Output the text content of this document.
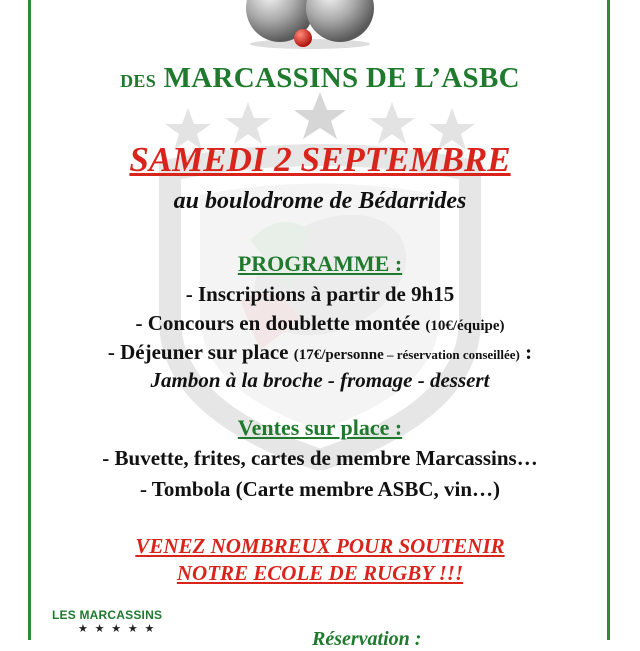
DES MARCASSINS DE L’ASBC
SAMEDI 2 SEPTEMBRE
au boulodrome de Bédarrides
PROGRAMME :
- Inscriptions à partir de 9h15
- Concours en doublette montée (10€/équipe)
- Déjeuner sur place (17€/personne – réservation conseillée) :
Jambon à la broche - fromage - dessert
Ventes sur place :
- Buvette, frites, cartes de membre Marcassins…
- Tombola (Carte membre ASBC, vin…)
VENEZ NOMBREUX POUR SOUTENIR
NOTRE ECOLE DE RUGBY !!!
LES MARCASSINS
★ ★ ★ ★ ★	Réservation :
